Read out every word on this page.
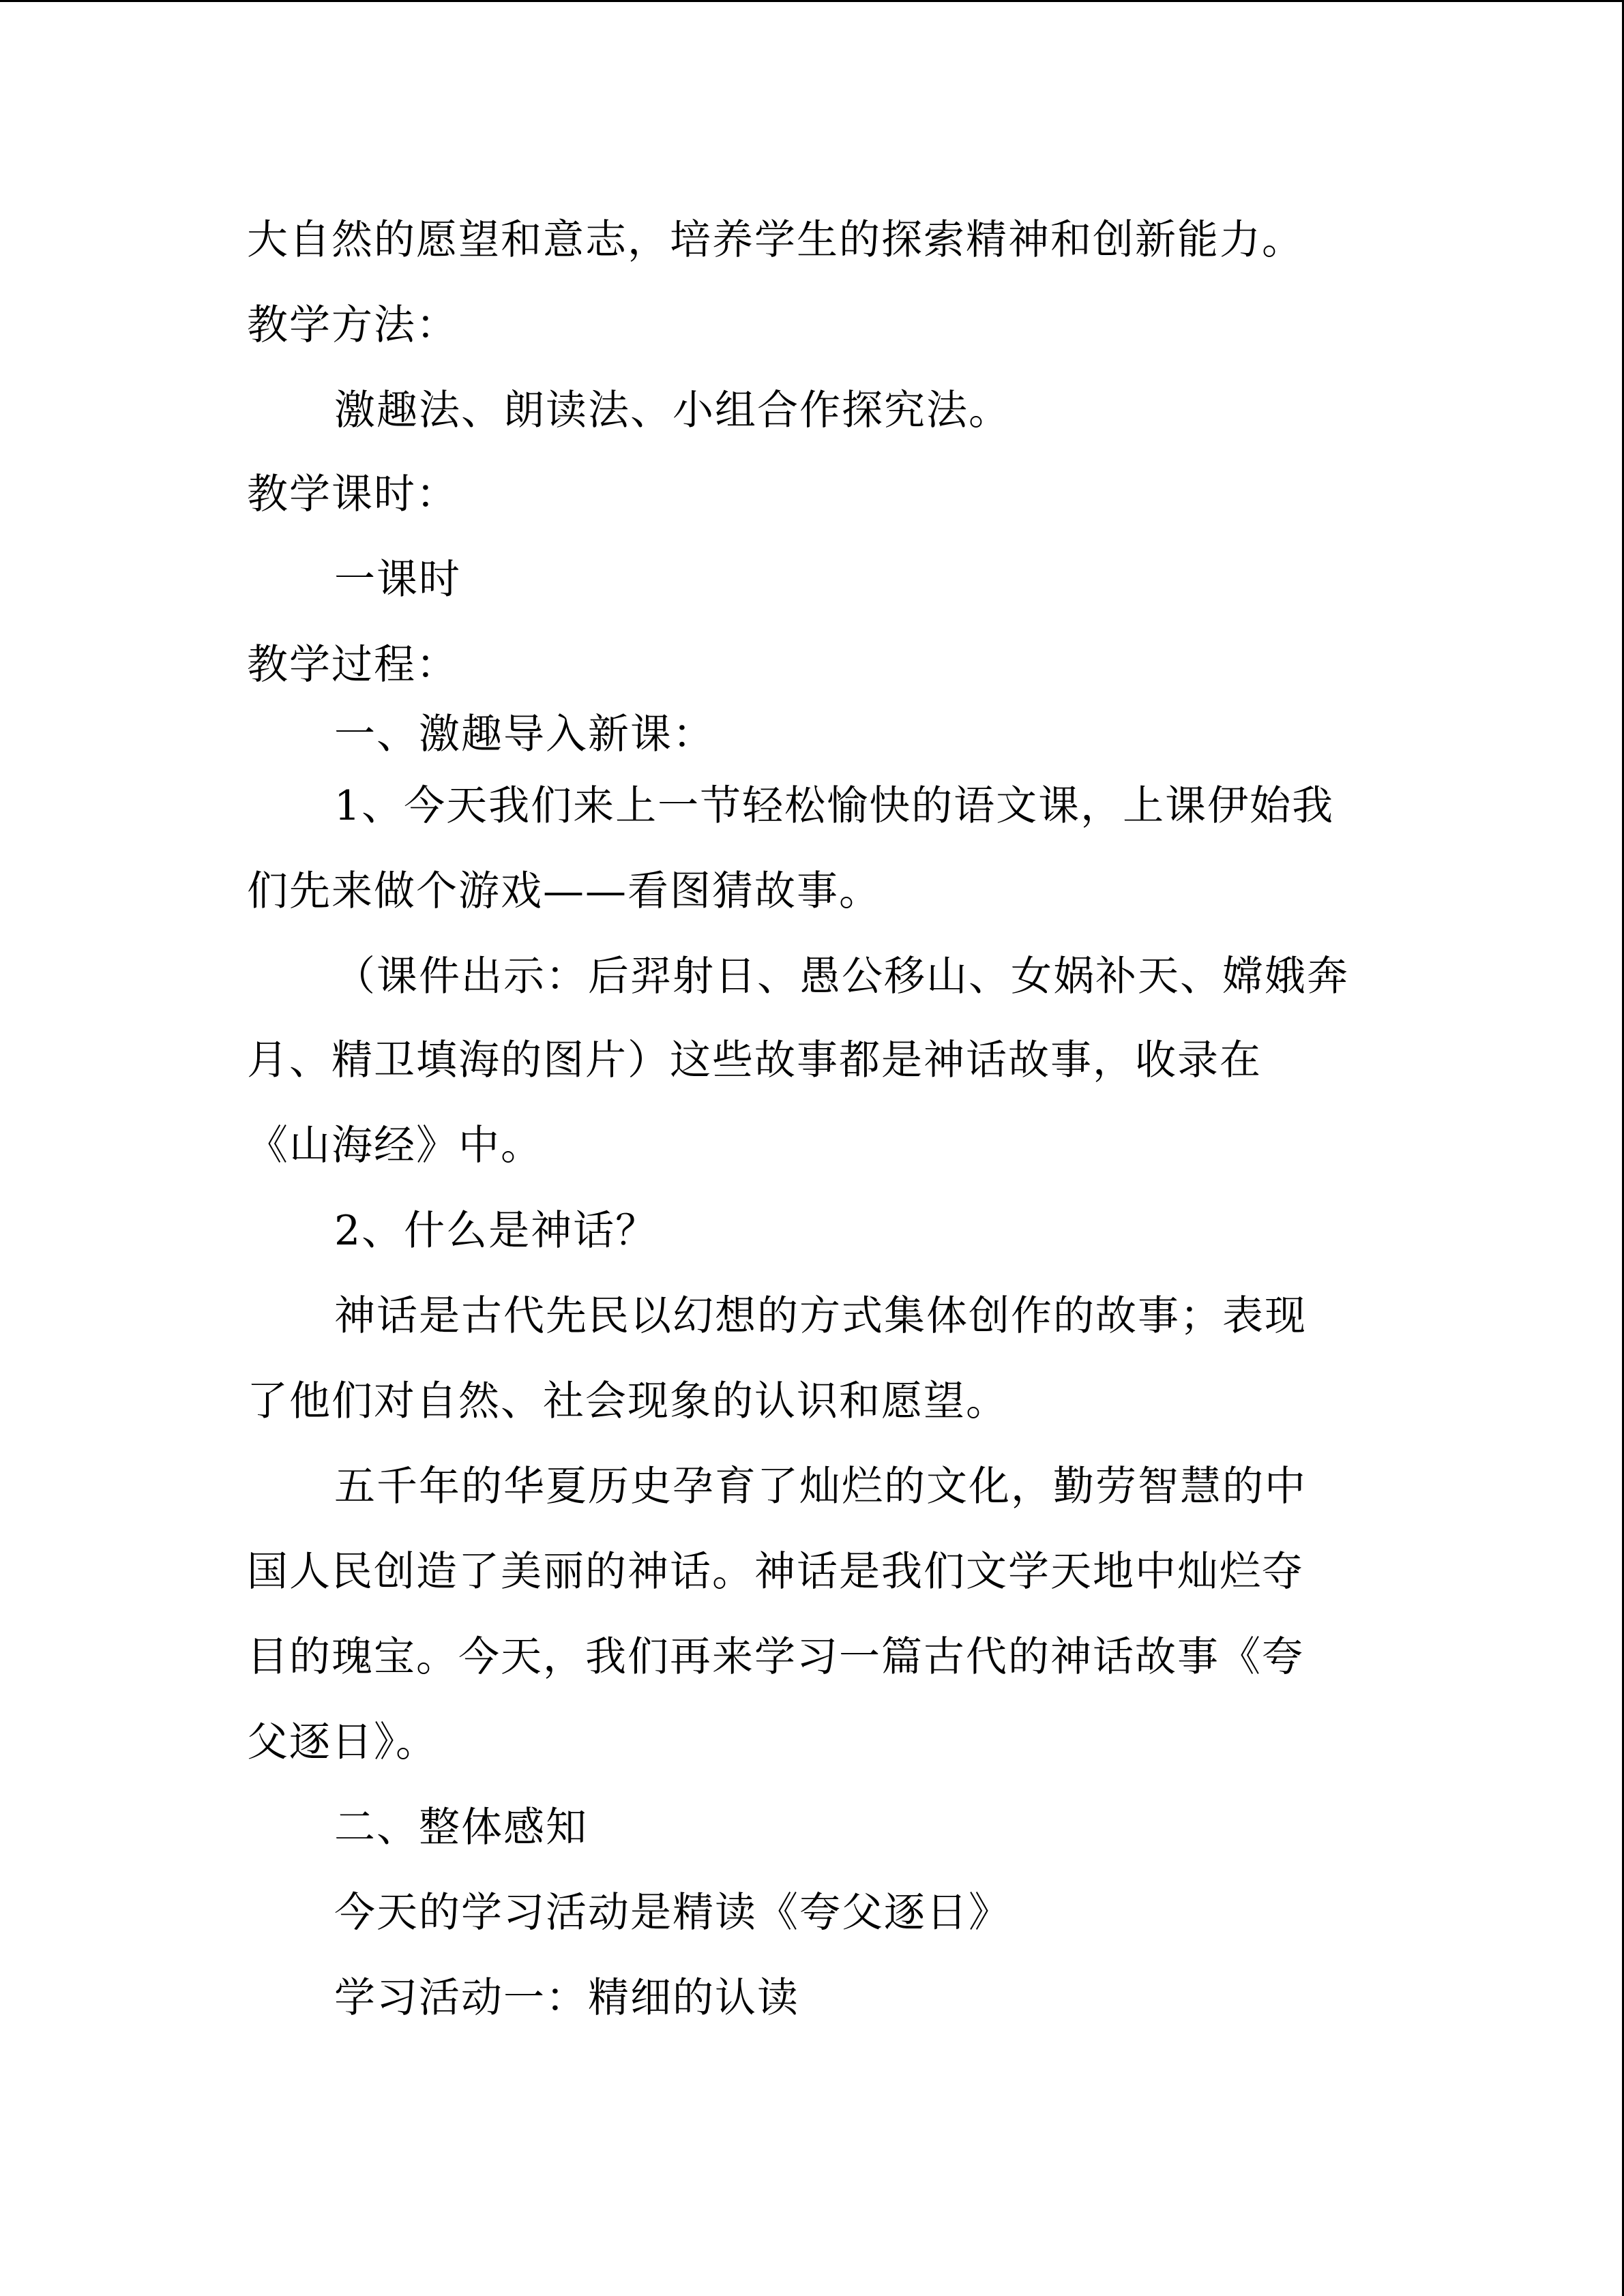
大自然的愿望和意志，培养学生的探索精神和创新能力。
教学方法：
激趣法、朗读法、小组合作探究法。
教学课时：
一课时
教学过程：
一、激趣导入新课：
1、今天我们来上一节轻松愉快的语文课，上课伊始我
们先来做个游戏——看图猜故事。
（课件出示：后羿射日、愚公移山、女娲补天、嫦娥奔
月、精卫填海的图片）这些故事都是神话故事，收录在
《山海经》中。
2、什么是神话？
神话是古代先民以幻想的方式集体创作的故事；表现
了他们对自然、社会现象的认识和愿望。
五千年的华夏历史孕育了灿烂的文化，勤劳智慧的中
国人民创造了美丽的神话。神话是我们文学天地中灿烂夺
目的瑰宝。今天，我们再来学习一篇古代的神话故事《夸
父逐日》。
二、整体感知
今天的学习活动是精读《夸父逐日》
学习活动一：精细的认读
